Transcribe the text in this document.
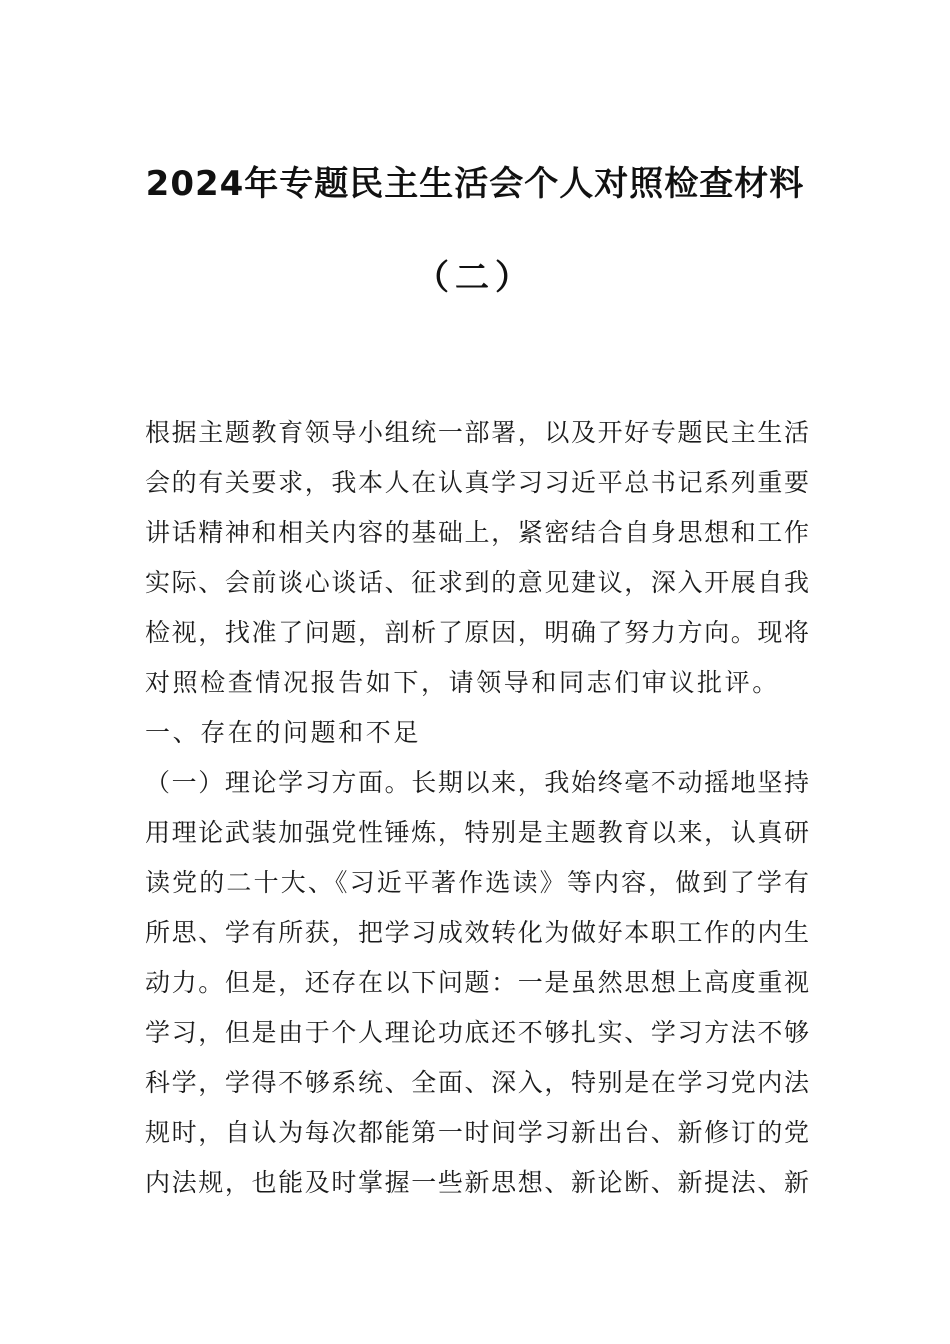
2024年专题民主生活会个人对照检查材料
（二）
根据主题教育领导小组统一部署，以及开好专题民主生活
会的有关要求，我本人在认真学习习近平总书记系列重要
讲话精神和相关内容的基础上，紧密结合自身思想和工作
实际、会前谈心谈话、征求到的意见建议，深入开展自我
检视，找准了问题，剖析了原因，明确了努力方向。现将
对照检查情况报告如下，请领导和同志们审议批评。
一、存在的问题和不足
（一）理论学习方面。长期以来，我始终毫不动摇地坚持
用理论武装加强党性锤炼，特别是主题教育以来，认真研
读党的二十大、《习近平著作选读》等内容，做到了学有
所思、学有所获，把学习成效转化为做好本职工作的内生
动力。但是，还存在以下问题：一是虽然思想上高度重视
学习，但是由于个人理论功底还不够扎实、学习方法不够
科学，学得不够系统、全面、深入，特别是在学习党内法
规时，自认为每次都能第一时间学习新出台、新修订的党
内法规，也能及时掌握一些新思想、新论断、新提法、新
